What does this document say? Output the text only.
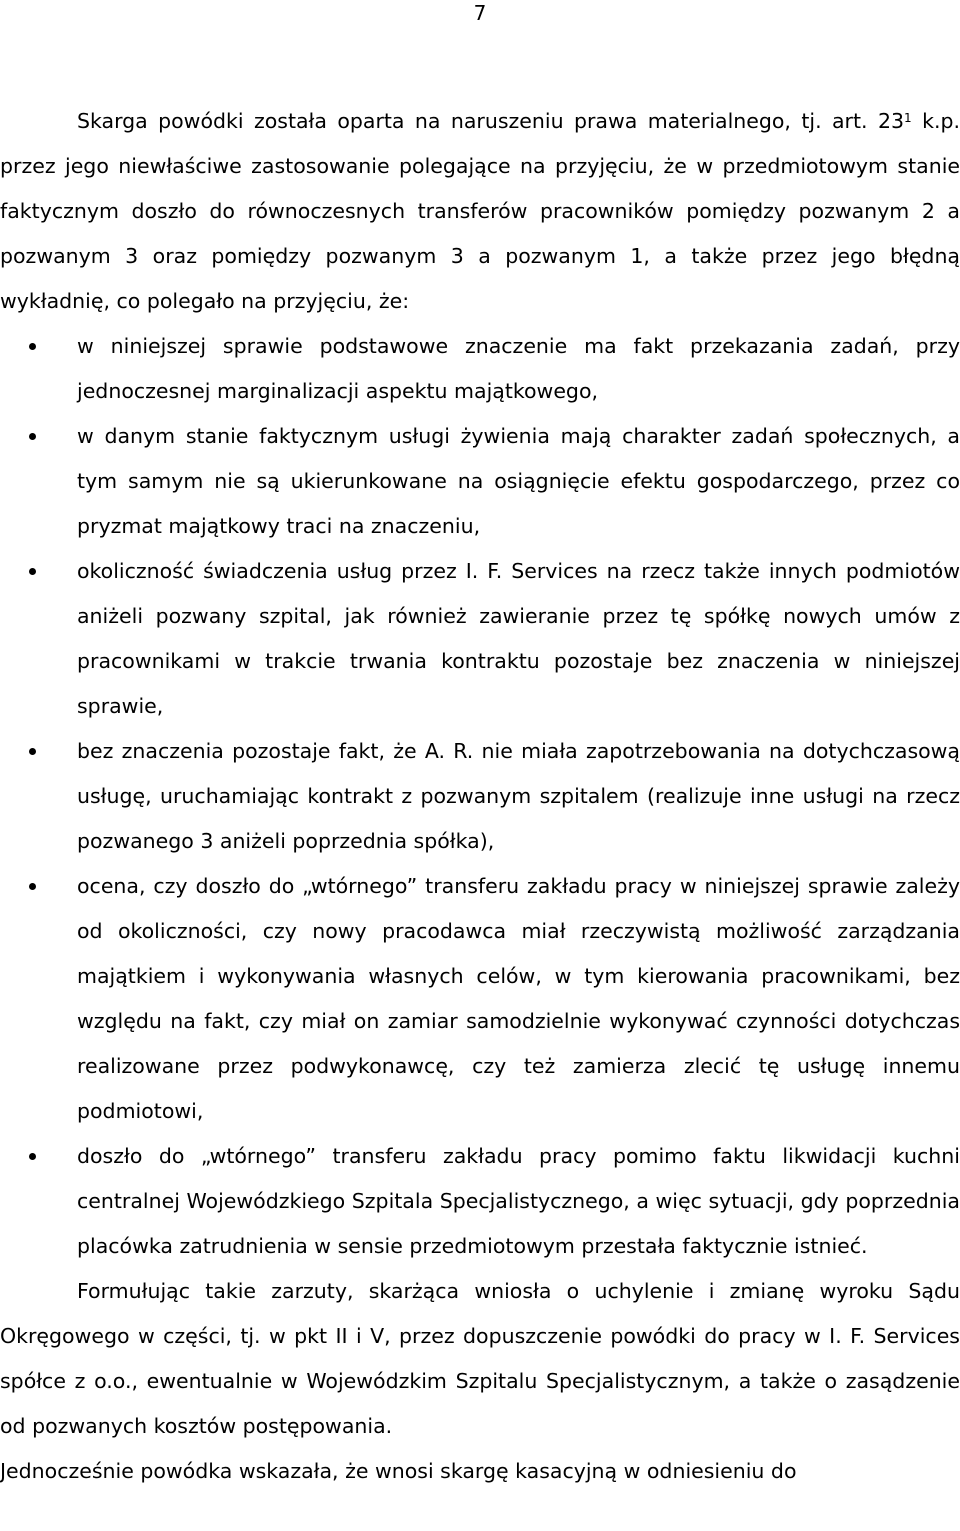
7

Skarga powódki została oparta na naruszeniu prawa materialnego, tj. art. $23^1$ k.p. przez jego niewłaściwe zastosowanie polegające na przyjęciu, że w przedmiotowym stanie faktycznym doszło do równoczesnych transferów pracowników pomiędzy pozwanym 2 a pozwanym 3 oraz pomiędzy pozwanym 3 a pozwanym 1, a także przez jego błędną wykładnię, co polegało na przyjęciu, że:

w niniejszej sprawie podstawowe znaczenie ma fakt przekazania zadań, przy jednoczesnej marginalizacji aspektu majątkowego,
w danym stanie faktycznym usługi żywienia mają charakter zadań społecznych, a tym samym nie są ukierunkowane na osiągnięcie efektu gospodarczego, przez co pryzmat majątkowy traci na znaczeniu,
okoliczność świadczenia usług przez I. F. Services na rzecz także innych podmiotów aniżeli pozwany szpital, jak również zawieranie przez tę spółkę nowych umów z pracownikami w trakcie trwania kontraktu pozostaje bez znaczenia w niniejszej sprawie,
bez znaczenia pozostaje fakt, że A. R. nie miała zapotrzebowania na dotychczasową usługę, uruchamiając kontrakt z pozwanym szpitalem (realizuje inne usługi na rzecz pozwanego 3 aniżeli poprzednia spółka),
ocena, czy doszło do „wtórnego” transferu zakładu pracy w niniejszej sprawie zależy od okoliczności, czy nowy pracodawca miał rzeczywistą możliwość zarządzania majątkiem i wykonywania własnych celów, w tym kierowania pracownikami, bez względu na fakt, czy miał on zamiar samodzielnie wykonywać czynności dotychczas realizowane przez podwykonawcę, czy też zamierza zlecić tę usługę innemu podmiotowi,
doszło do „wtórnego” transferu zakładu pracy pomimo faktu likwidacji kuchni centralnej Wojewódzkiego Szpitala Specjalistycznego, a więc sytuacji, gdy poprzednia placówka zatrudnienia w sensie przedmiotowym przestała faktycznie istnieć.

Formułując takie zarzuty, skarżąca wniosła o uchylenie i zmianę wyroku Sądu Okręgowego w części, tj. w pkt II i V, przez dopuszczenie powódki do pracy w I. F. Services spółce z o.o., ewentualnie w Wojewódzkim Szpitalu Specjalistycznym, a także o zasądzenie od pozwanych kosztów postępowania.

Jednocześnie powódka wskazała, że wnosi skargę kasacyjną w odniesieniu do
